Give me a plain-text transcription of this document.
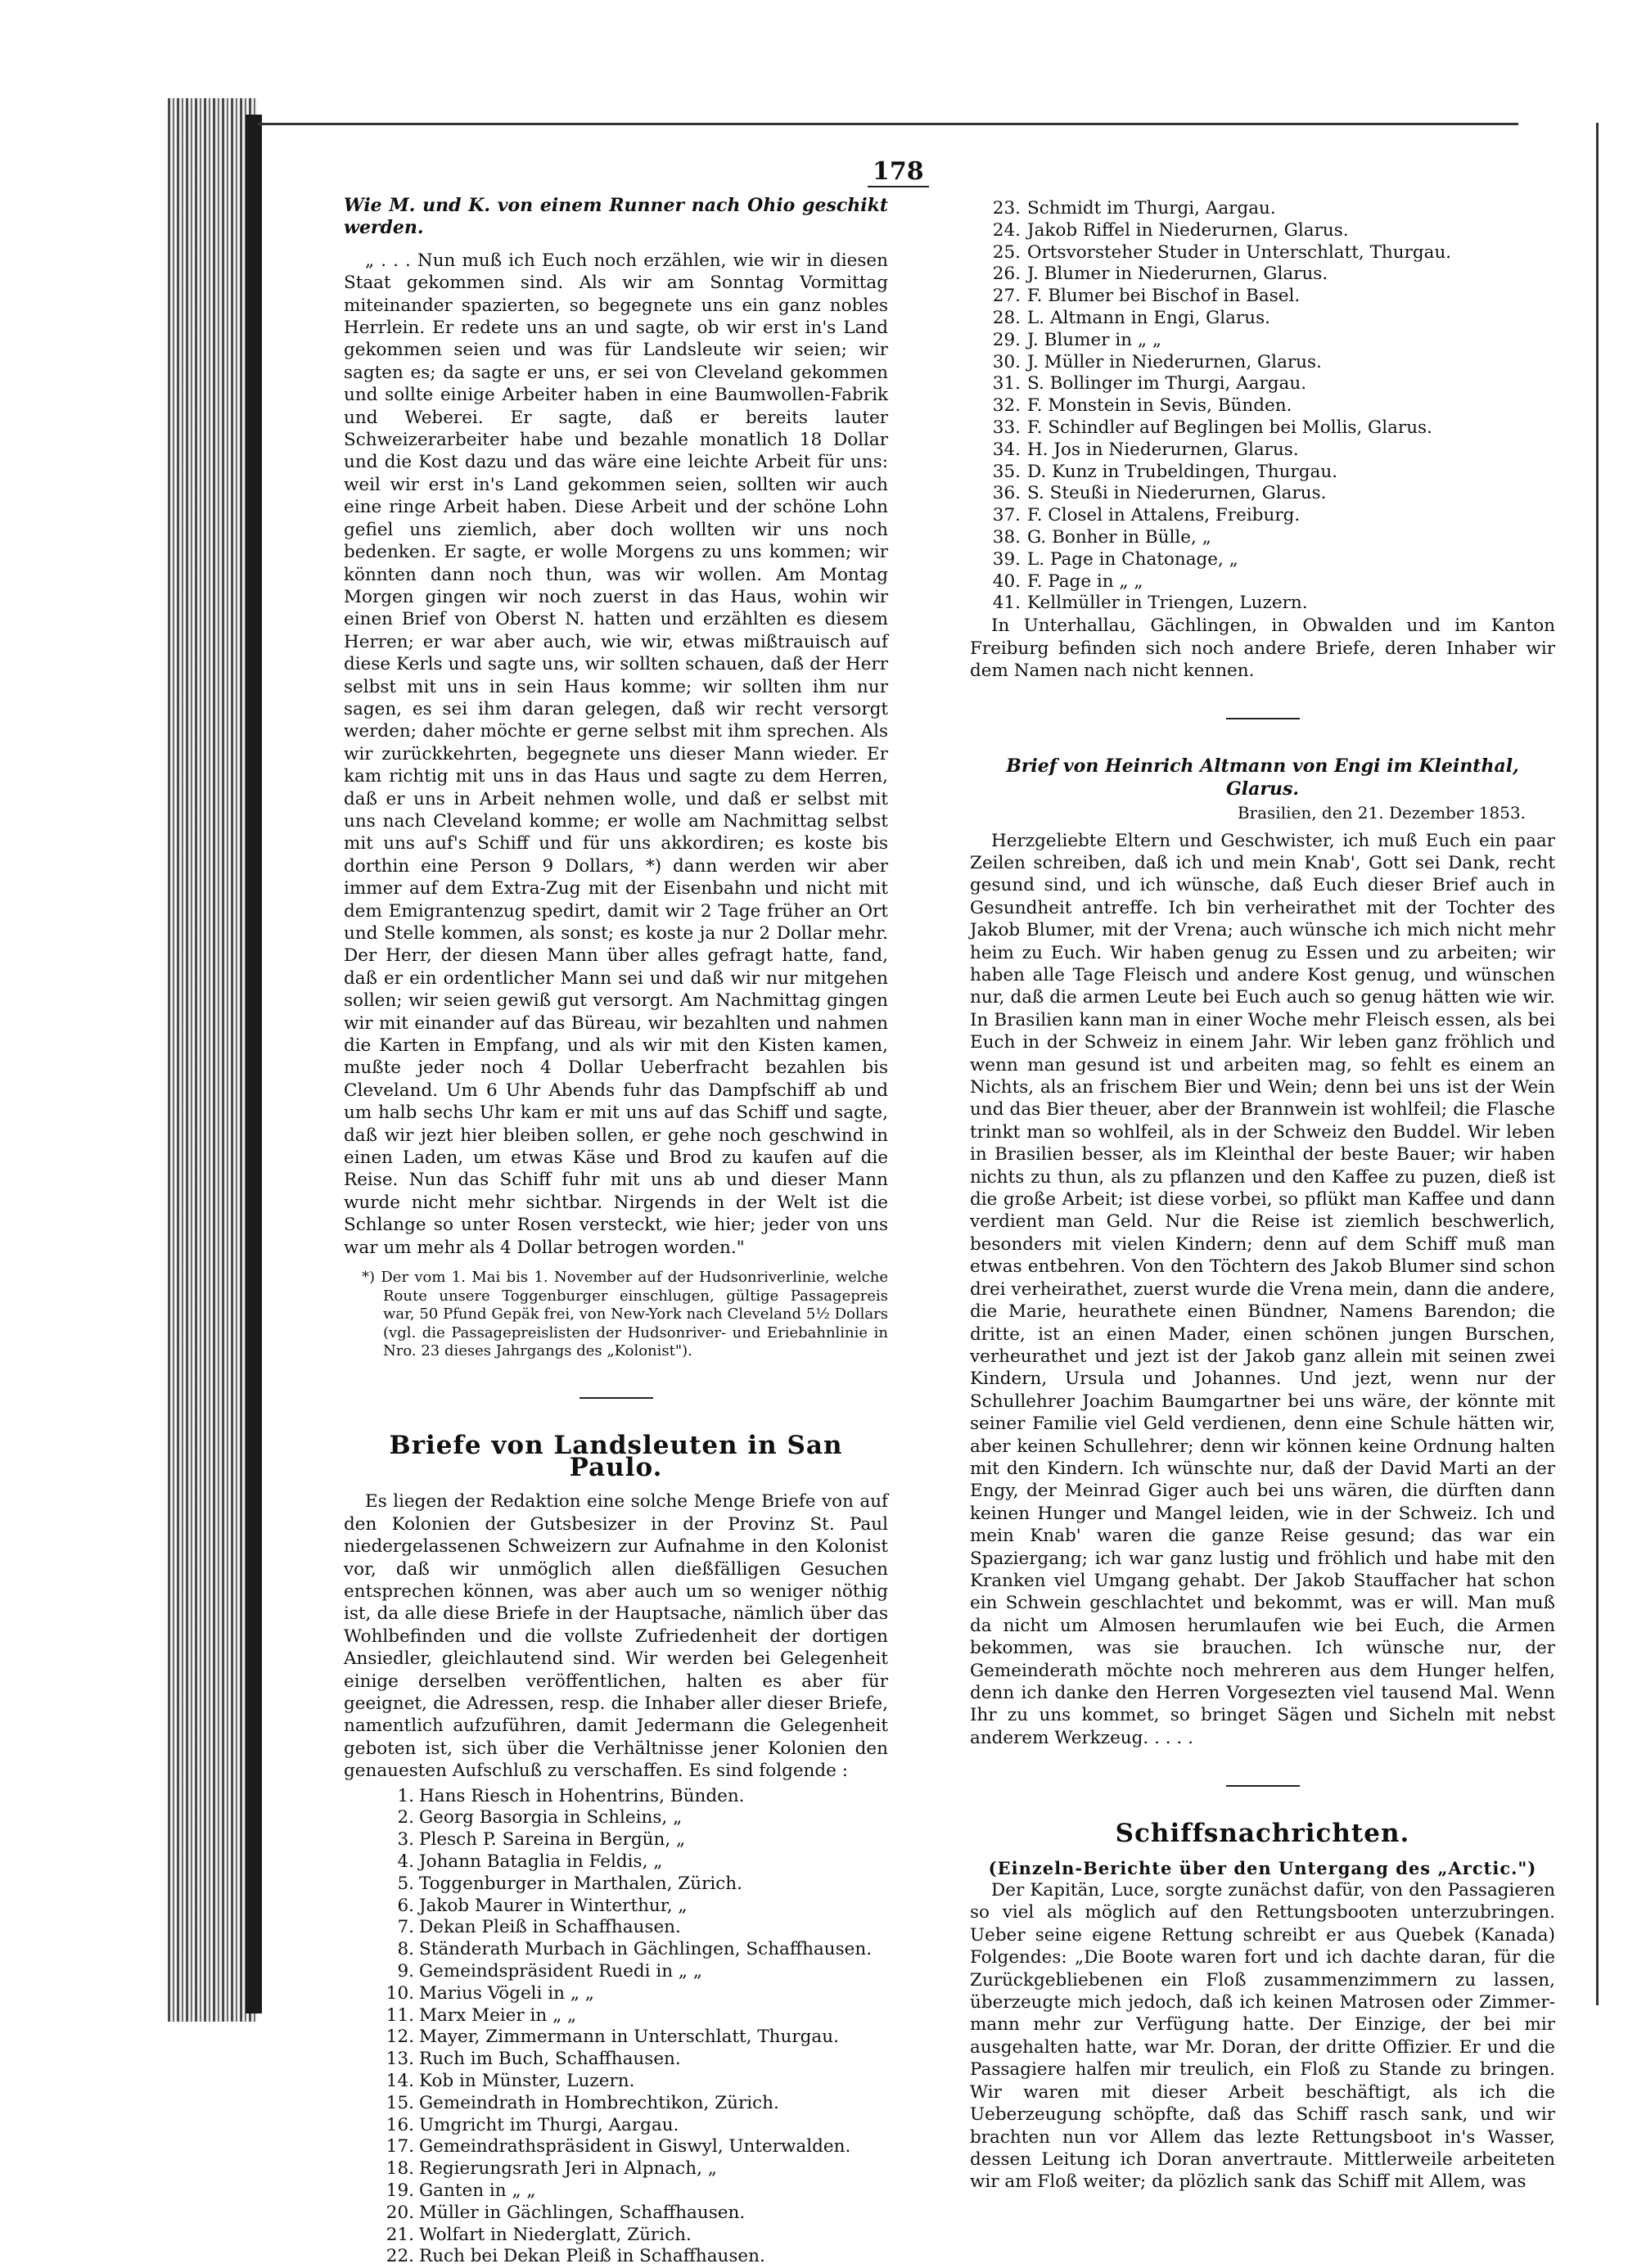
178
Wie M. und K. von einem Runner nach Ohio geschikt werden.

„ . . . Nun muß ich Euch noch erzählen, wie wir in diesen Staat gekommen sind. Als wir am Sonntag Vormittag miteinander spazierten, so begegnete uns ein ganz nobles Herrlein. Er redete uns an und sagte, ob wir erst in's Land gekommen seien und was für Landsleute wir seien; wir sagten es; da sagte er uns, er sei von Cleveland gekommen und sollte einige Arbeiter haben in eine Baumwollen-Fabrik und Weberei. Er sagte, daß er bereits lauter Schweizerarbeiter habe und bezahle monatlich 18 Dollar und die Kost dazu und das wäre eine leichte Arbeit für uns: weil wir erst in's Land gekommen seien, sollten wir auch eine ringe Arbeit haben. Diese Arbeit und der schöne Lohn gefiel uns ziemlich, aber doch wollten wir uns noch bedenken. Er sagte, er wolle Morgens zu uns kommen; wir könnten dann noch thun, was wir wollen. Am Montag Morgen gingen wir noch zuerst in das Haus, wohin wir einen Brief von Oberst N. hatten und erzählten es diesem Herren; er war aber auch, wie wir, etwas mißtrauisch auf diese Kerls und sagte uns, wir sollten schauen, daß der Herr selbst mit uns in sein Haus komme; wir sollten ihm nur sagen, es sei ihm daran gelegen, daß wir recht versorgt werden; daher möchte er gerne selbst mit ihm sprechen. Als wir zurückkehrten, begegnete uns dieser Mann wieder. Er kam richtig mit uns in das Haus und sagte zu dem Herren, daß er uns in Arbeit nehmen wolle, und daß er selbst mit uns nach Cleveland komme; er wolle am Nachmittag selbst mit uns auf's Schiff und für uns akkordiren; es koste bis dorthin eine Person 9 Dollars, *) dann werden wir aber immer auf dem Extra-Zug mit der Eisenbahn und nicht mit dem Emigrantenzug spedirt, damit wir 2 Tage früher an Ort und Stelle kommen, als sonst; es koste ja nur 2 Dollar mehr. Der Herr, der diesen Mann über alles gefragt hatte, fand, daß er ein ordentlicher Mann sei und daß wir nur mitgehen sollen; wir seien gewiß gut versorgt. Am Nachmittag gingen wir mit einander auf das Büreau, wir bezahlten und nahmen die Karten in Empfang, und als wir mit den Kisten kamen, mußte jeder noch 4 Dollar Ueberfracht bezahlen bis Cleveland. Um 6 Uhr Abends fuhr das Dampfschiff ab und um halb sechs Uhr kam er mit uns auf das Schiff und sagte, daß wir jezt hier bleiben sollen, er gehe noch geschwind in einen Laden, um etwas Käse und Brod zu kaufen auf die Reise. Nun das Schiff fuhr mit uns ab und dieser Mann wurde nicht mehr sichtbar. Nirgends in der Welt ist die Schlange so unter Rosen versteckt, wie hier; jeder von uns war um mehr als 4 Dollar betrogen worden."

*) Der vom 1. Mai bis 1. November auf der Hudsonriverlinie, welche Route unsere Toggenburger einschlugen, gültige Passagepreis war, 50 Pfund Gepäk frei, von New-York nach Cleveland 5½ Dollars (vgl. die Passagepreislisten der Hudsonriver- und Eriebahnlinie in Nro. 23 dieses Jahrgangs des „Kolonist").

Briefe von Landsleuten in San Paulo.

Es liegen der Redaktion eine solche Menge Briefe von auf den Kolonien der Gutsbesizer in der Provinz St. Paul niedergelassenen Schweizern zur Aufnahme in den Kolonist vor, daß wir unmöglich allen dießfälligen Gesuchen entsprechen können, was aber auch um so weniger nöthig ist, da alle diese Briefe in der Hauptsache, nämlich über das Wohlbefinden und die vollste Zufriedenheit der dortigen Ansiedler, gleichlautend sind. Wir werden bei Gelegenheit einige derselben veröffentlichen, halten es aber für geeignet, die Adressen, resp. die Inhaber aller dieser Briefe, namentlich aufzuführen, damit Jedermann die Gelegenheit geboten ist, sich über die Verhältnisse jener Kolonien den genauesten Aufschluß zu verschaffen. Es sind folgende :

1. Hans Riesch in Hohentrins, Bünden.
2. Georg Basorgia in Schleins, „
3. Plesch P. Sareina in Bergün, „
4. Johann Bataglia in Feldis, „
5. Toggenburger in Marthalen, Zürich.
6. Jakob Maurer in Winterthur, „
7. Dekan Pleiß in Schaffhausen.
8. Ständerath Murbach in Gächlingen, Schaffhausen.
9. Gemeindspräsident Ruedi in „ „
10. Marius Vögeli in „ „
11. Marx Meier in „ „
12. Mayer, Zimmermann in Unterschlatt, Thurgau.
13. Ruch im Buch, Schaffhausen.
14. Kob in Münster, Luzern.
15. Gemeindrath in Hombrechtikon, Zürich.
16. Umgricht im Thurgi, Aargau.
17. Gemeindrathspräsident in Giswyl, Unterwalden.
18. Regierungsrath Jeri in Alpnach, „
19. Ganten in „ „
20. Müller in Gächlingen, Schaffhausen.
21. Wolfart in Niederglatt, Zürich.
22. Ruch bei Dekan Pleiß in Schaffhausen.
23. Schmidt im Thurgi, Aargau.
24. Jakob Riffel in Niederurnen, Glarus.
25. Ortsvorsteher Studer in Unterschlatt, Thurgau.
26. J. Blumer in Niederurnen, Glarus.
27. F. Blumer bei Bischof in Basel.
28. L. Altmann in Engi, Glarus.
29. J. Blumer in „ „
30. J. Müller in Niederurnen, Glarus.
31. S. Bollinger im Thurgi, Aargau.
32. F. Monstein in Sevis, Bünden.
33. F. Schindler auf Beglingen bei Mollis, Glarus.
34. H. Jos in Niederurnen, Glarus.
35. D. Kunz in Trubeldingen, Thurgau.
36. S. Steußi in Niederurnen, Glarus.
37. F. Closel in Attalens, Freiburg.
38. G. Bonher in Bülle, „
39. L. Page in Chatonage, „
40. F. Page in „ „
41. Kellmüller in Triengen, Luzern.

In Unterhallau, Gächlingen, in Obwalden und im Kanton Freiburg befinden sich noch andere Briefe, deren Inhaber wir dem Namen nach nicht kennen.

Brief von Heinrich Altmann von Engi im Kleinthal, Glarus.
Brasilien, den 21. Dezember 1853.

Herzgeliebte Eltern und Geschwister, ich muß Euch ein paar Zeilen schreiben, daß ich und mein Knab', Gott sei Dank, recht gesund sind, und ich wünsche, daß Euch dieser Brief auch in Gesundheit antreffe. Ich bin verheirathet mit der Tochter des Jakob Blumer, mit der Vrena; auch wünsche ich mich nicht mehr heim zu Euch. Wir haben genug zu Essen und zu arbeiten; wir haben alle Tage Fleisch und andere Kost genug, und wünschen nur, daß die armen Leute bei Euch auch so genug hätten wie wir. In Brasilien kann man in einer Woche mehr Fleisch essen, als bei Euch in der Schweiz in einem Jahr. Wir leben ganz fröhlich und wenn man gesund ist und arbeiten mag, so fehlt es einem an Nichts, als an frischem Bier und Wein; denn bei uns ist der Wein und das Bier theuer, aber der Brannwein ist wohlfeil; die Flasche trinkt man so wohlfeil, als in der Schweiz den Buddel. Wir leben in Brasilien besser, als im Kleinthal der beste Bauer; wir haben nichts zu thun, als zu pflanzen und den Kaffee zu puzen, dieß ist die große Arbeit; ist diese vorbei, so pflükt man Kaffee und dann verdient man Geld. Nur die Reise ist ziemlich beschwerlich, besonders mit vielen Kindern; denn auf dem Schiff muß man etwas entbehren. Von den Töchtern des Jakob Blumer sind schon drei verheirathet, zuerst wurde die Vrena mein, dann die andere, die Marie, heurathete einen Bündner, Namens Barendon; die dritte, ist an einen Mader, einen schönen jungen Burschen, verheurathet und jezt ist der Jakob ganz allein mit seinen zwei Kindern, Ursula und Johannes. Und jezt, wenn nur der Schullehrer Joachim Baumgartner bei uns wäre, der könnte mit seiner Familie viel Geld verdienen, denn eine Schule hätten wir, aber keinen Schullehrer; denn wir können keine Ordnung halten mit den Kindern. Ich wünschte nur, daß der David Marti an der Engy, der Meinrad Giger auch bei uns wären, die dürften dann keinen Hunger und Mangel leiden, wie in der Schweiz. Ich und mein Knab' waren die ganze Reise gesund; das war ein Spaziergang; ich war ganz lustig und fröhlich und habe mit den Kranken viel Umgang gehabt. Der Jakob Stauffacher hat schon ein Schwein geschlachtet und bekommt, was er will. Man muß da nicht um Almosen herumlaufen wie bei Euch, die Armen bekommen, was sie brauchen. Ich wünsche nur, der Gemeinderath möchte noch mehreren aus dem Hunger helfen, denn ich danke den Herren Vorgesezten viel tausend Mal. Wenn Ihr zu uns kommet, so bringet Sägen und Sicheln mit nebst anderem Werkzeug. . . . .

Schiffsnachrichten.
(Einzeln-Berichte über den Untergang des „Arctic.")

Der Kapitän, Luce, sorgte zunächst dafür, von den Passagieren so viel als möglich auf den Rettungsbooten unterzubringen. Ueber seine eigene Rettung schreibt er aus Quebek (Kanada) Folgendes: „Die Boote waren fort und ich dachte daran, für die Zurückgebliebenen ein Floß zusammenzimmern zu lassen, überzeugte mich jedoch, daß ich keinen Matrosen oder Zimmer-mann mehr zur Verfügung hatte. Der Einzige, der bei mir ausgehalten hatte, war Mr. Doran, der dritte Offizier. Er und die Passagiere halfen mir treulich, ein Floß zu Stande zu bringen. Wir waren mit dieser Arbeit beschäftigt, als ich die Ueberzeugung schöpfte, daß das Schiff rasch sank, und wir brachten nun vor Allem das lezte Rettungsboot in's Wasser, dessen Leitung ich Doran anvertraute. Mittlerweile arbeiteten wir am Floß weiter; da plözlich sank das Schiff mit Allem, was
